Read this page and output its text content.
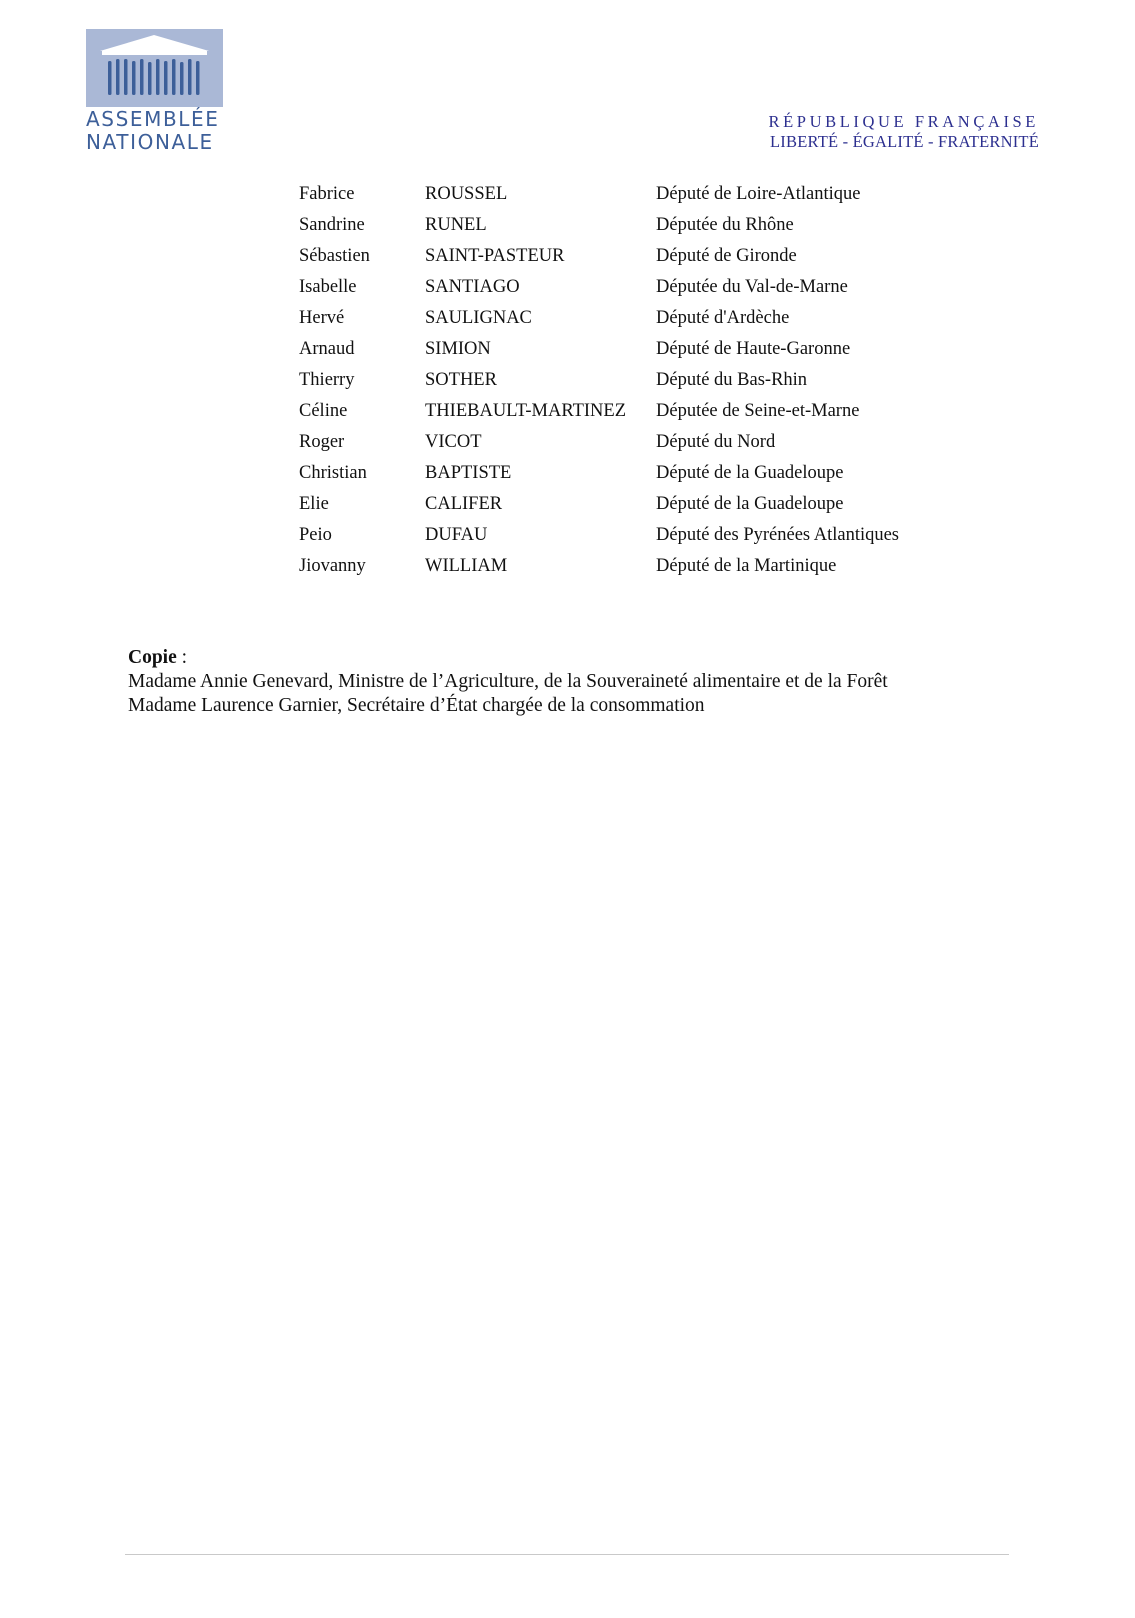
ASSEMBLÉE
NATIONALE
RÉPUBLIQUE FRANÇAISE
LIBERTÉ - ÉGALITÉ - FRATERNITÉ
Fabrice	ROUSSEL	Député de Loire-Atlantique
Sandrine	RUNEL	Députée du Rhône
Sébastien	SAINT-PASTEUR	Député de Gironde
Isabelle	SANTIAGO	Députée du Val-de-Marne
Hervé	SAULIGNAC	Député d'Ardèche
Arnaud	SIMION	Député de Haute-Garonne
Thierry	SOTHER	Député du Bas-Rhin
Céline	THIEBAULT-MARTINEZ	Députée de Seine-et-Marne
Roger	VICOT	Député du Nord
Christian	BAPTISTE	Député de la Guadeloupe
Elie	CALIFER	Député de la Guadeloupe
Peio	DUFAU	Député des Pyrénées Atlantiques
Jiovanny	WILLIAM	Député de la Martinique
Copie :
Madame Annie Genevard, Ministre de l’Agriculture, de la Souveraineté alimentaire et de la Forêt
Madame Laurence Garnier, Secrétaire d’État chargée de la consommation
